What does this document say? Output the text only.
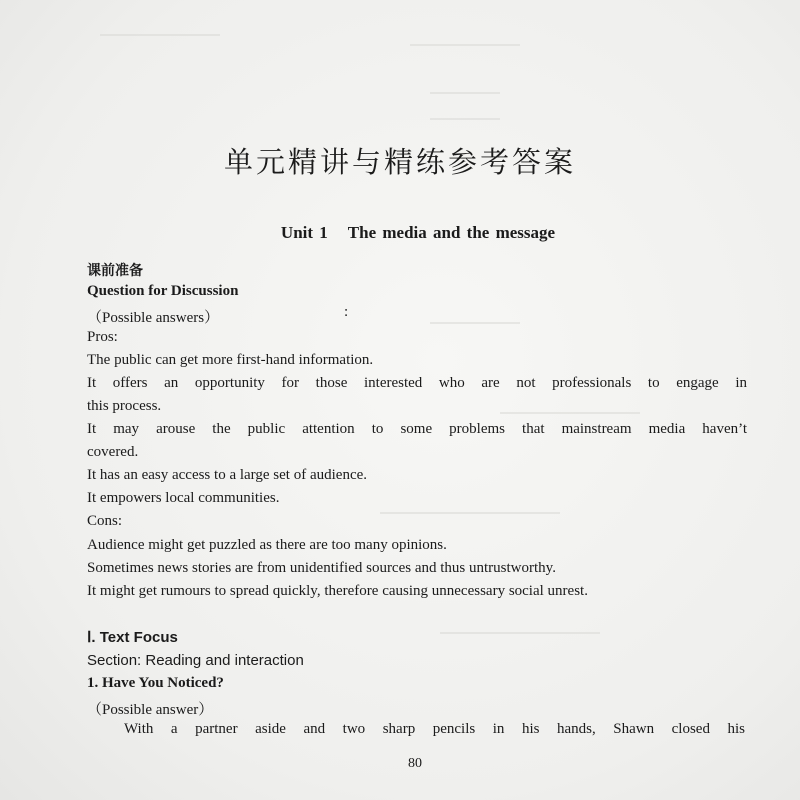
单元精讲与精练参考答案
Unit 1 The media and the message
课前准备
Question for Discussion
（Possible answers）	:
Pros:
The public can get more first-hand information.
It offers an opportunity for those interested who are not professionals to engage in
this process.
It may arouse the public attention to some problems that mainstream media haven’t
covered.
It has an easy access to a large set of audience.
It empowers local communities.
Cons:
Audience might get puzzled as there are too many opinions.
Sometimes news stories are from unidentified sources and thus untrustworthy.
It might get rumours to spread quickly, therefore causing unnecessary social unrest.
Ⅰ. Text Focus
Section: Reading and interaction
1. Have You Noticed?
（Possible answer）
With a partner aside and two sharp pencils in his hands, Shawn closed his
80
